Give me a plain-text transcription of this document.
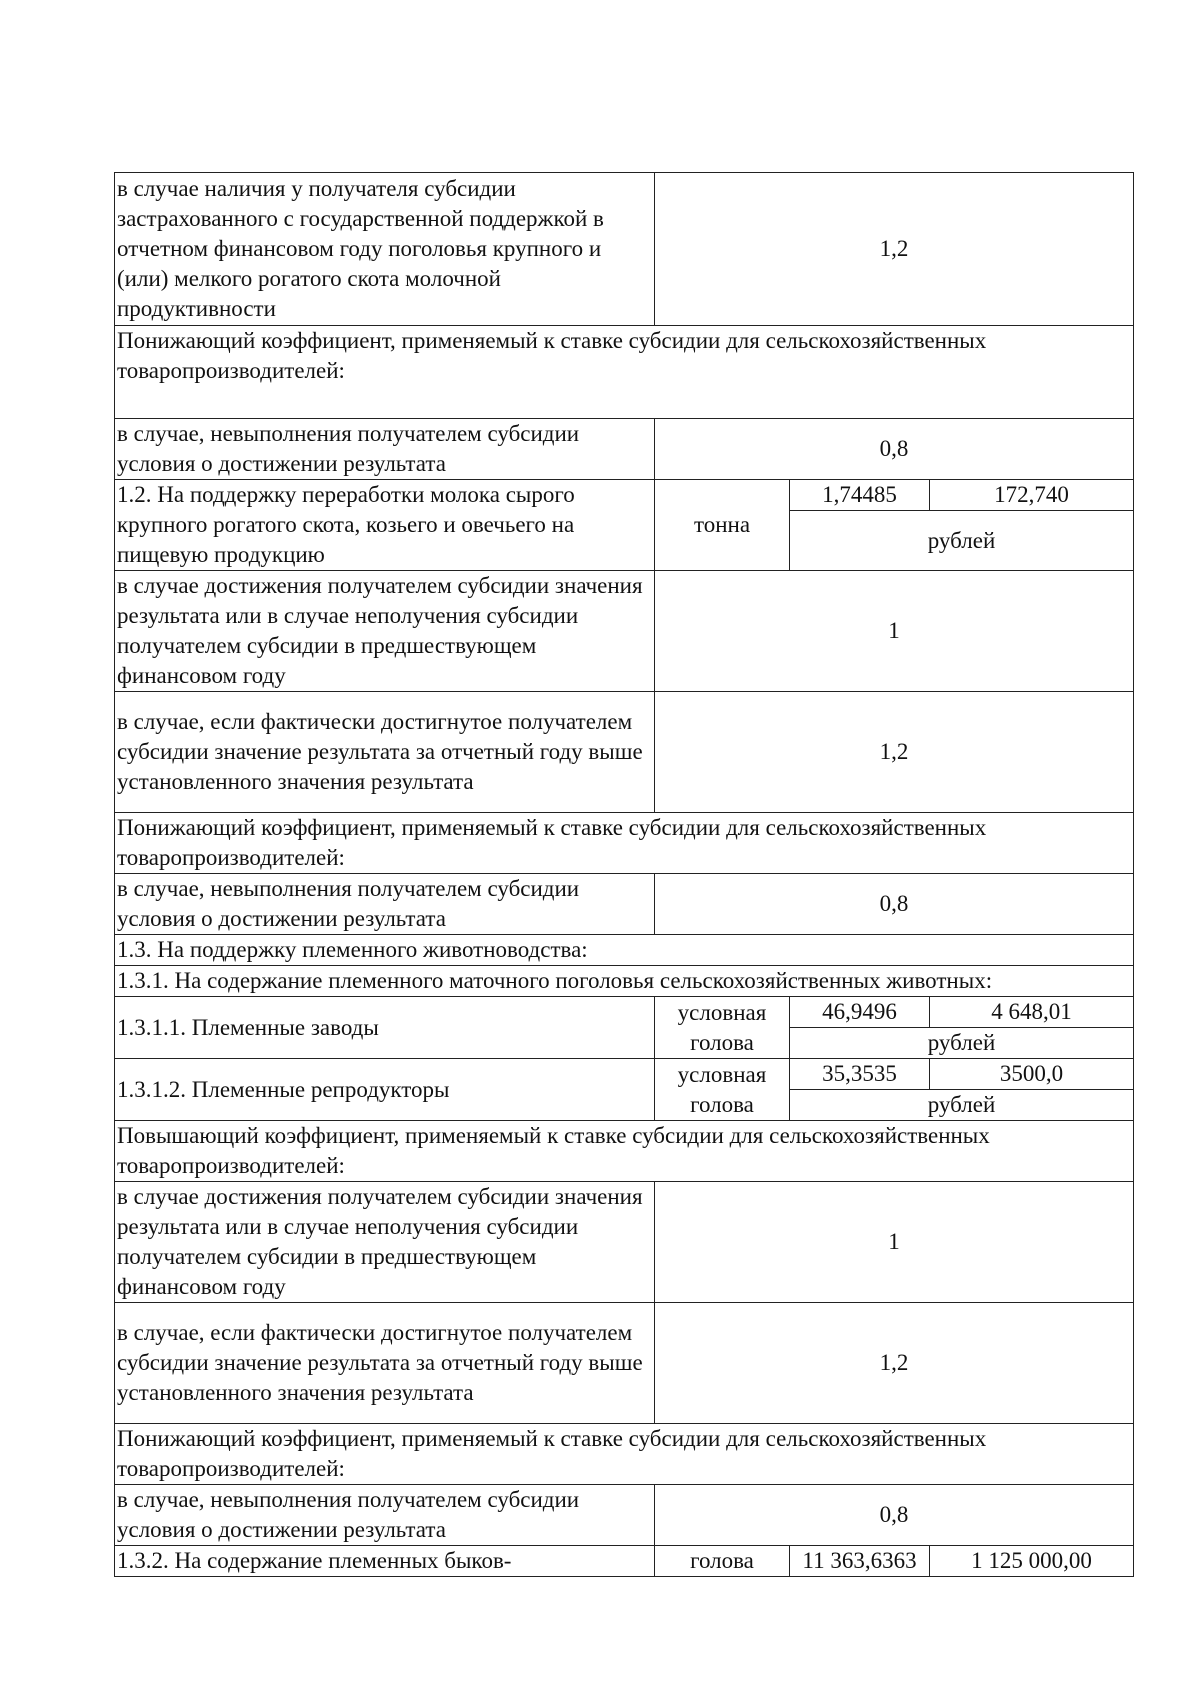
в случае наличия у получателя субсидии застрахованного с государственной поддержкой в отчетном финансовом году поголовья крупного и (или) мелкого рогатого скота молочной продуктивности	1,2		
Понижающий коэффициент, применяемый к ставке субсидии для сельскохозяйственных товаропроизводителей:			
в случае, невыполнения получателем субсидии условия о достижении результата	0,8		
1.2. На поддержку переработки молока сырого крупного рогатого скота, козьего и овечьего на пищевую продукцию	тонна	1,74485	172,740
		рублей	
в случае достижения получателем субсидии значения результата или в случае неполучения субсидии получателем субсидии в предшествующем финансовом году	1		
в случае, если фактически достигнутое получателем субсидии значение результата за отчетный году выше установленного значения результата	1,2		
Понижающий коэффициент, применяемый к ставке субсидии для сельскохозяйственных товаропроизводителей:			
в случае, невыполнения получателем субсидии условия о достижении результата	0,8		
1.3. На поддержку племенного животноводства:			
1.3.1. На содержание племенного маточного поголовья сельскохозяйственных животных:			
1.3.1.1. Племенные заводы	условная голова	46,9496	4 648,01
		рублей	
1.3.1.2. Племенные репродукторы	условная голова	35,3535	3500,0
		рублей	
Повышающий коэффициент, применяемый к ставке субсидии для сельскохозяйственных товаропроизводителей:			
в случае достижения получателем субсидии значения результата или в случае неполучения субсидии получателем субсидии в предшествующем финансовом году	1		
в случае, если фактически достигнутое получателем субсидии значение результата за отчетный году выше установленного значения результата	1,2		
Понижающий коэффициент, применяемый к ставке субсидии для сельскохозяйственных товаропроизводителей:			
в случае, невыполнения получателем субсидии условия о достижении результата	0,8		
1.3.2. На содержание племенных быков-	голова	11 363,6363	1 125 000,00
